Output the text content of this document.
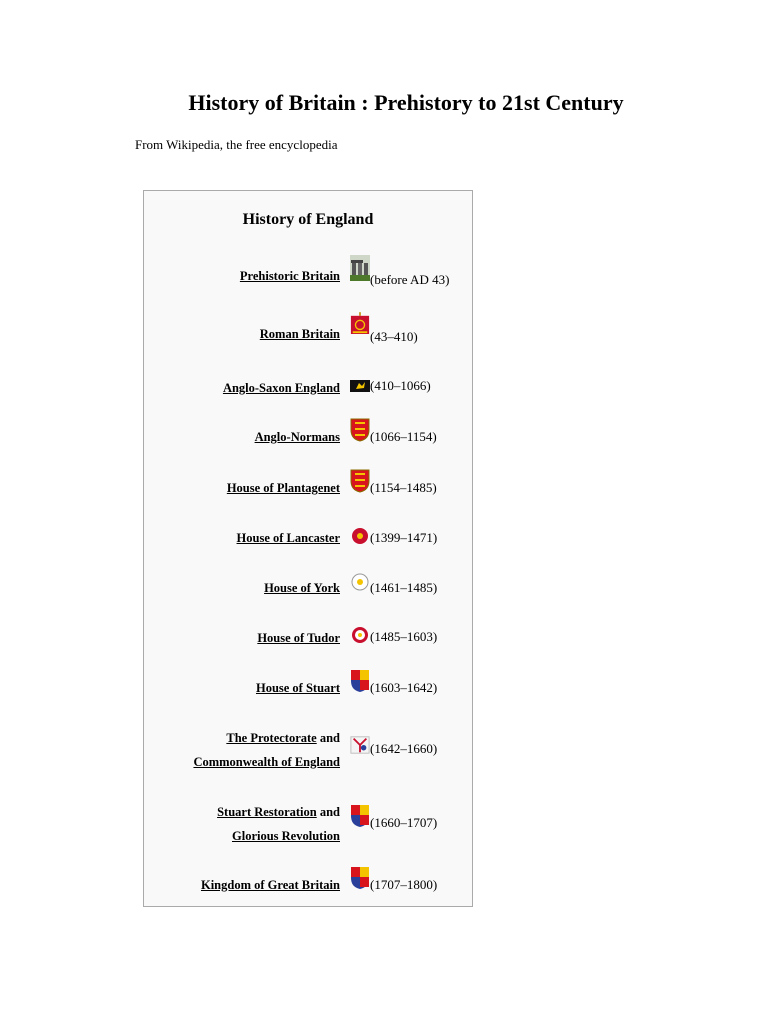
History of Britain : Prehistory to 21st Century
From Wikipedia, the free encyclopedia
History of England
Prehistoric Britain (before AD 43)
Roman Britain (43–410)
Anglo-Saxon England (410–1066)
Anglo-Normans (1066–1154)
House of Plantagenet (1154–1485)
House of Lancaster (1399–1471)
House of York (1461–1485)
House of Tudor (1485–1603)
House of Stuart (1603–1642)
The Protectorate and
Commonwealth of England
(1642–1660)
Stuart Restoration and
Glorious Revolution
(1660–1707)
Kingdom of Great Britain (1707–1800)
